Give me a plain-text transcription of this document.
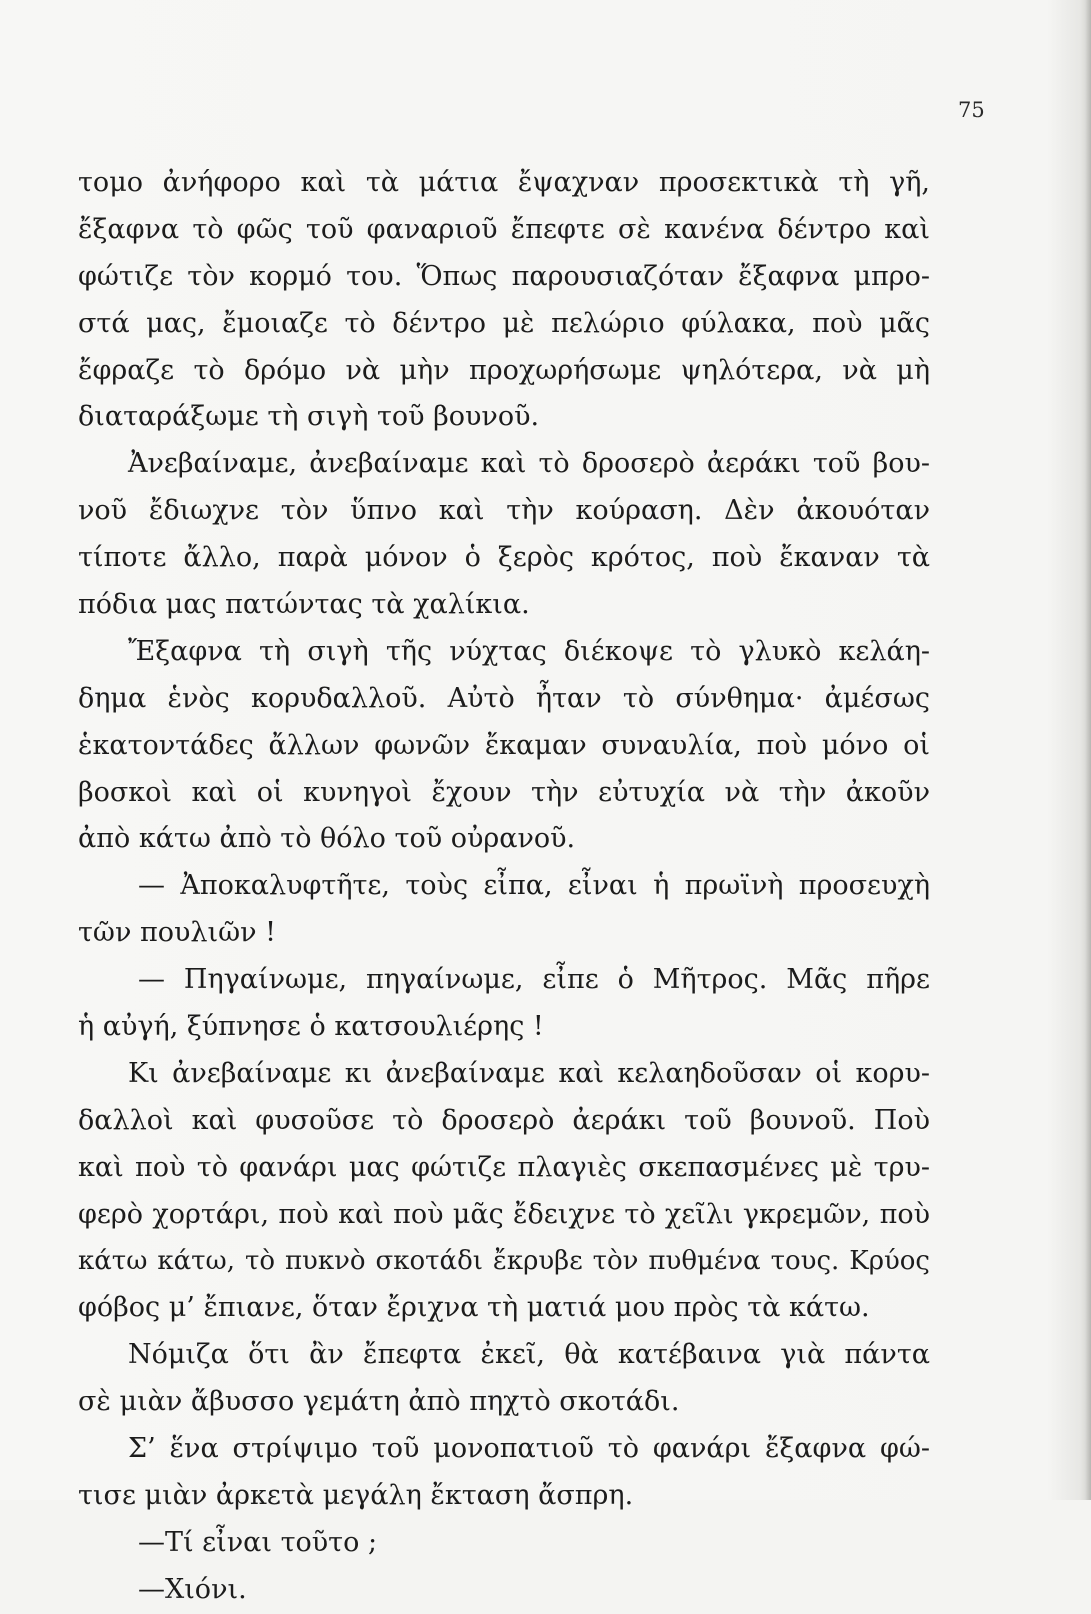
75
τομο ἀνήφορο καὶ τὰ μάτια ἔψαχναν προσεκτικὰ τὴ γῆ,
ἔξαφνα τὸ φῶς τοῦ φαναριοῦ ἔπεφτε σὲ κανένα δέντρο καὶ
φώτιζε τὸν κορμό του. Ὅπως παρουσιαζόταν ἔξαφνα μπρο-
στά μας, ἔμοιαζε τὸ δέντρο μὲ πελώριο φύλακα, ποὺ μᾶς
ἔφραζε τὸ δρόμο νὰ μὴν προχωρήσωμε ψηλότερα, νὰ μὴ
διαταράξωμε τὴ σιγὴ τοῦ βουνοῦ.
Ἀνεβαίναμε, ἀνεβαίναμε καὶ τὸ δροσερὸ ἀεράκι τοῦ βου-
νοῦ ἔδιωχνε τὸν ὕπνο καὶ τὴν κούραση. Δὲν ἀκουόταν
τίποτε ἄλλο, παρὰ μόνον ὁ ξερὸς κρότος, ποὺ ἔκαναν τὰ
πόδια μας πατώντας τὰ χαλίκια.
Ἔξαφνα τὴ σιγὴ τῆς νύχτας διέκοψε τὸ γλυκὸ κελάη-
δημα ἑνὸς κορυδαλλοῦ. Αὐτὸ ἦταν τὸ σύνθημα· ἀμέσως
ἑκατοντάδες ἄλλων φωνῶν ἔκαμαν συναυλία, ποὺ μόνο οἱ
βοσκοὶ καὶ οἱ κυνηγοὶ ἔχουν τὴν εὐτυχία νὰ τὴν ἀκοῦν
ἀπὸ κάτω ἀπὸ τὸ θόλο τοῦ οὐρανοῦ.
— Ἀποκαλυφτῆτε, τοὺς εἶπα, εἶναι ἡ πρωϊνὴ προσευχὴ
τῶν πουλιῶν !
— Πηγαίνωμε, πηγαίνωμε, εἶπε ὁ Μῆτρος. Μᾶς πῆρε
ἡ αὐγή, ξύπνησε ὁ κατσουλιέρης !
Κι ἀνεβαίναμε κι ἀνεβαίναμε καὶ κελαηδοῦσαν οἱ κορυ-
δαλλοὶ καὶ φυσοῦσε τὸ δροσερὸ ἀεράκι τοῦ βουνοῦ. Ποὺ
καὶ ποὺ τὸ φανάρι μας φώτιζε πλαγιὲς σκεπασμένες μὲ τρυ-
φερὸ χορτάρι, ποὺ καὶ ποὺ μᾶς ἔδειχνε τὸ χεῖλι γκρεμῶν, ποὺ
κάτω κάτω, τὸ πυκνὸ σκοτάδι ἔκρυβε τὸν πυθμένα τους. Κρύος
φόβος μ’ ἔπιανε, ὅταν ἔριχνα τὴ ματιά μου πρὸς τὰ κάτω.
Νόμιζα ὅτι ἂν ἔπεφτα ἐκεῖ, θὰ κατέβαινα γιὰ πάντα
σὲ μιὰν ἄβυσσο γεμάτη ἀπὸ πηχτὸ σκοτάδι.
Σ’ ἕνα στρίψιμο τοῦ μονοπατιοῦ τὸ φανάρι ἔξαφνα φώ-
τισε μιὰν ἀρκετὰ μεγάλη ἔκταση ἄσπρη.
—Τί εἶναι τοῦτο ;
—Χιόνι.
